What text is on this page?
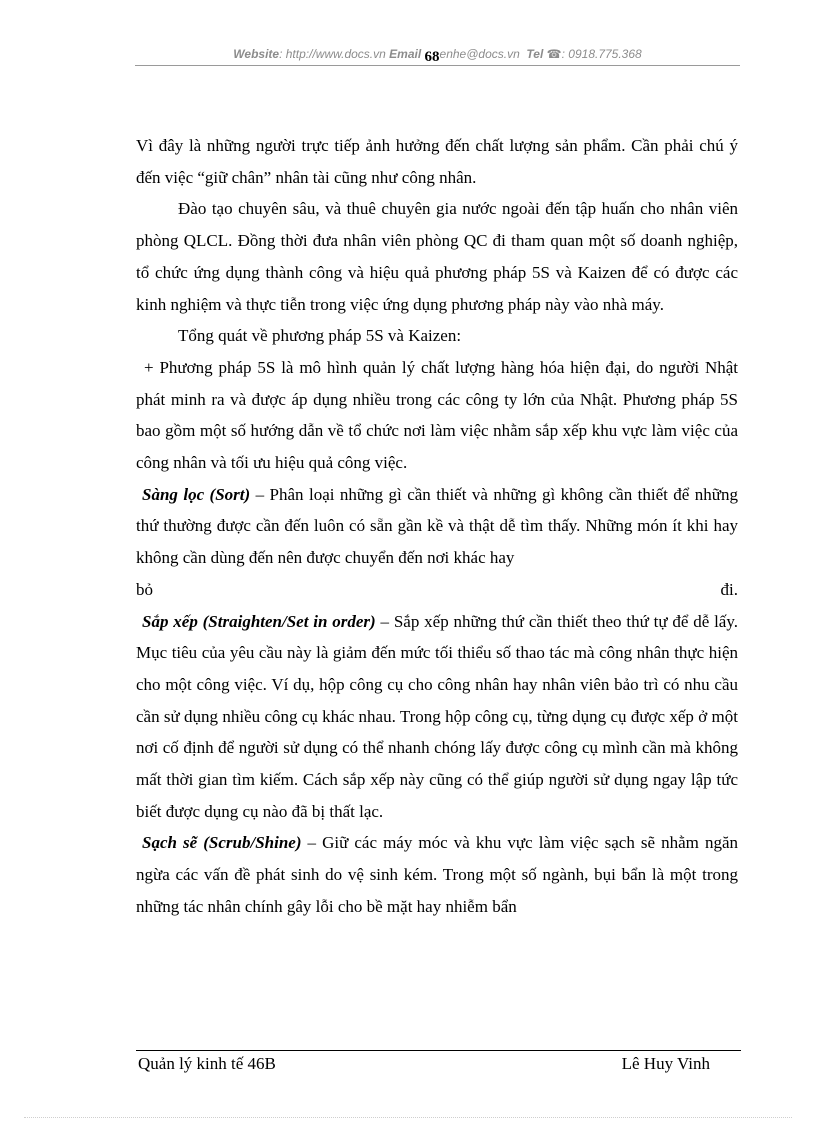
Website: http://www.docs.vn Email 68enhe@docs.vn Tel ☎: 0918.775.368

Vì đây là những người trực tiếp ảnh hưởng đến chất lượng sản phẩm. Cần phải chú ý đến việc “giữ chân” nhân tài cũng như công nhân.

Đào tạo chuyên sâu, và thuê chuyên gia nước ngoài đến tập huấn cho nhân viên phòng QLCL. Đồng thời đưa nhân viên phòng QC đi tham quan một số doanh nghiệp, tổ chức ứng dụng thành công và hiệu quả phương pháp 5S và Kaizen để có được các kinh nghiệm và thực tiễn trong việc ứng dụng phương pháp này vào nhà máy.

Tổng quát về phương pháp 5S và Kaizen:

+ Phương pháp 5S là mô hình quản lý chất lượng hàng hóa hiện đại, do người Nhật phát minh ra và được áp dụng nhiều trong các công ty lớn của Nhật. Phương pháp 5S bao gồm một số hướng dẫn về tổ chức nơi làm việc nhằm sắp xếp khu vực làm việc của công nhân và tối ưu hiệu quả công việc.

Sàng lọc (Sort) – Phân loại những gì cần thiết và những gì không cần thiết để những thứ thường được cần đến luôn có sẵn gần kề và thật dễ tìm thấy. Những món ít khi hay không cần dùng đến nên được chuyển đến nơi khác hay

bỏ	đi.

Sắp xếp (Straighten/Set in order) – Sắp xếp những thứ cần thiết theo thứ tự để dễ lấy. Mục tiêu của yêu cầu này là giảm đến mức tối thiểu số thao tác mà công nhân thực hiện cho một công việc. Ví dụ, hộp công cụ cho công nhân hay nhân viên bảo trì có nhu cầu cần sử dụng nhiều công cụ khác nhau. Trong hộp công cụ, từng dụng cụ được xếp ở một nơi cố định để người sử dụng có thể nhanh chóng lấy được công cụ mình cần mà không mất thời gian tìm kiếm. Cách sắp xếp này cũng có thể giúp người sử dụng ngay lập tức biết được dụng cụ nào đã bị thất lạc.

Sạch sẽ (Scrub/Shine) – Giữ các máy móc và khu vực làm việc sạch sẽ nhằm ngăn ngừa các vấn đề phát sinh do vệ sinh kém. Trong một số ngành, bụi bẩn là một trong những tác nhân chính gây lỗi cho bề mặt hay nhiễm bẩn

Quản lý kinh tế 46B	Lê Huy Vinh
